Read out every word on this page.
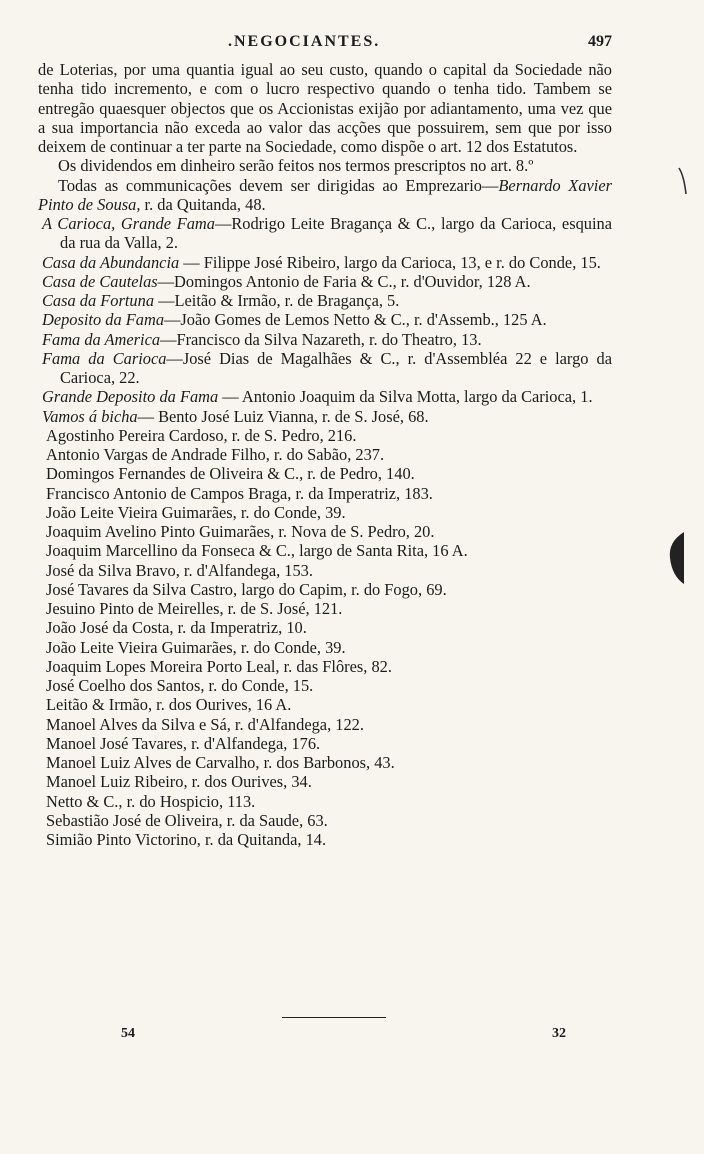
.NEGOCIANTES.	497

de Loterias, por uma quantia igual ao seu custo, quando o capital da Sociedade não tenha tido incremento, e com o lucro respectivo quando o tenha tido. Tambem se entregão quaesquer objectos que os Accionistas exijão por adiantamento, uma vez que a sua importancia não exceda ao valor das acções que possuirem, sem que por isso deixem de continuar a ter parte na Sociedade, como dispõe o art. 12 dos Estatutos.

Os dividendos em dinheiro serão feitos nos termos prescriptos no art. 8.º

Todas as communicações devem ser dirigidas ao Emprezario—Bernardo Xavier Pinto de Sousa, r. da Quitanda, 48.

A Carioca, Grande Fama—Rodrigo Leite Bragança & C., largo da Carioca, esquina da rua da Valla, 2.

Casa da Abundancia — Filippe José Ribeiro, largo da Carioca, 13, e r. do Conde, 15.

Casa de Cautelas—Domingos Antonio de Faria & C., r. d'Ouvidor, 128 A.

Casa da Fortuna —Leitão & Irmão, r. de Bragança, 5.

Deposito da Fama—João Gomes de Lemos Netto & C., r. d'Assemb., 125 A.

Fama da America—Francisco da Silva Nazareth, r. do Theatro, 13.

Fama da Carioca—José Dias de Magalhães & C., r. d'Assembléa 22 e largo da Carioca, 22.

Grande Deposito da Fama — Antonio Joaquim da Silva Motta, largo da Carioca, 1.

Vamos á bicha— Bento José Luiz Vianna, r. de S. José, 68.

Agostinho Pereira Cardoso, r. de S. Pedro, 216.

Antonio Vargas de Andrade Filho, r. do Sabão, 237.

Domingos Fernandes de Oliveira & C., r. de Pedro, 140.

Francisco Antonio de Campos Braga, r. da Imperatriz, 183.

João Leite Vieira Guimarães, r. do Conde, 39.

Joaquim Avelino Pinto Guimarães, r. Nova de S. Pedro, 20.

Joaquim Marcellino da Fonseca & C., largo de Santa Rita, 16 A.

José da Silva Bravo, r. d'Alfandega, 153.

José Tavares da Silva Castro, largo do Capim, r. do Fogo, 69.

Jesuino Pinto de Meirelles, r. de S. José, 121.

João José da Costa, r. da Imperatriz, 10.

João Leite Vieira Guimarães, r. do Conde, 39.

Joaquim Lopes Moreira Porto Leal, r. das Flôres, 82.

José Coelho dos Santos, r. do Conde, 15.

Leitão & Irmão, r. dos Ourives, 16 A.

Manoel Alves da Silva e Sá, r. d'Alfandega, 122.

Manoel José Tavares, r. d'Alfandega, 176.

Manoel Luiz Alves de Carvalho, r. dos Barbonos, 43.

Manoel Luiz Ribeiro, r. dos Ourives, 34.

Netto & C., r. do Hospicio, 113.

Sebastião José de Oliveira, r. da Saude, 63.

Simião Pinto Victorino, r. da Quitanda, 14.

54	32
